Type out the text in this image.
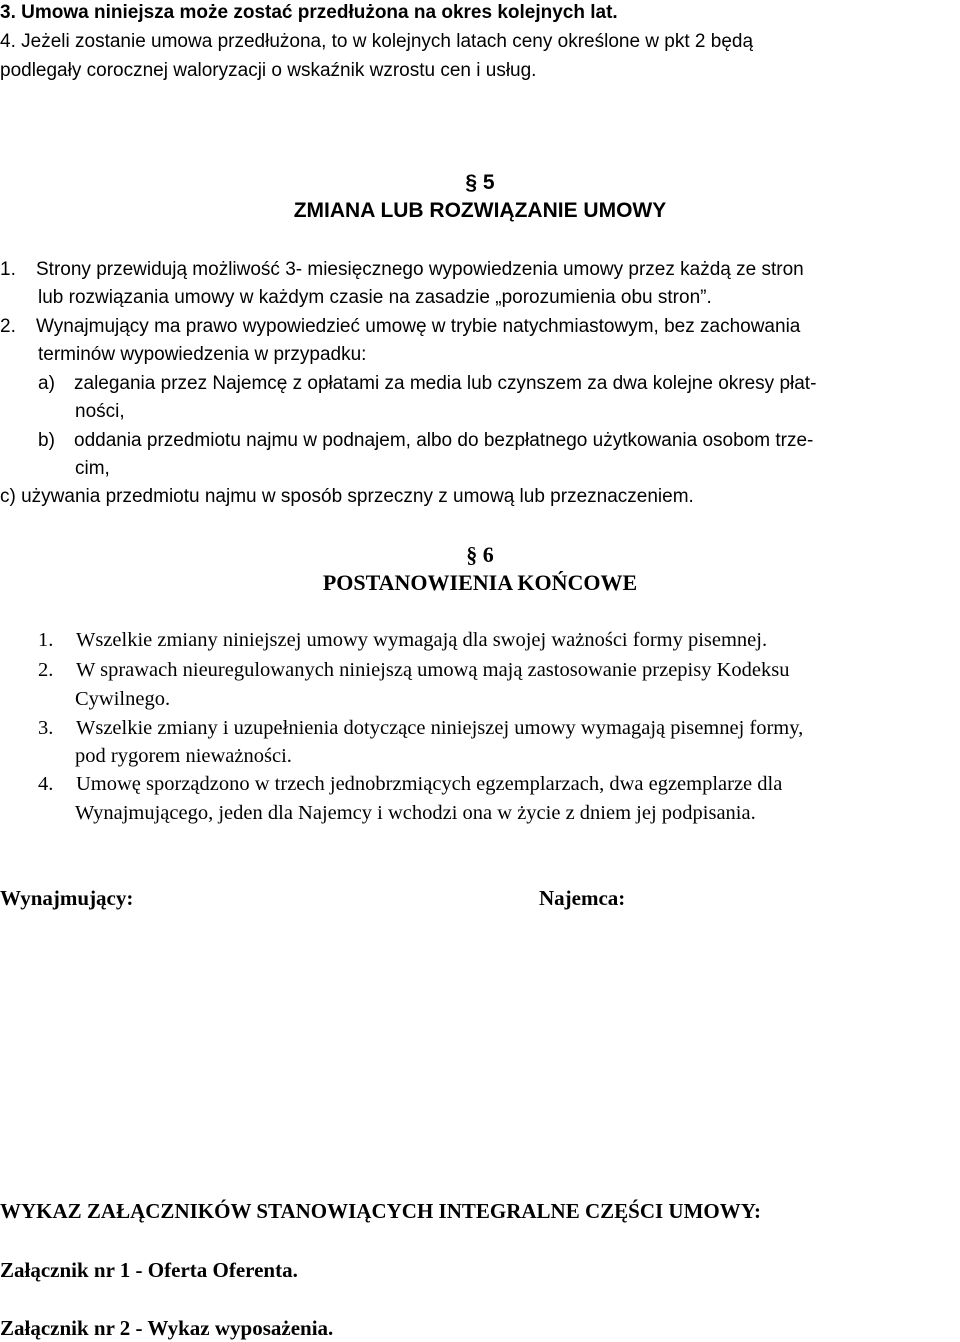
3. Umowa niniejsza może zostać przedłużona na okres kolejnych lat.
4. Jeżeli zostanie umowa przedłużona, to w kolejnych latach ceny określone w pkt 2 będą
podlegały corocznej waloryzacji o wskaźnik wzrostu cen i usług.
§ 5
ZMIANA LUB ROZWIĄZANIE UMOWY
1. Strony przewidują możliwość 3- miesięcznego wypowiedzenia umowy przez każdą ze stron
lub rozwiązania umowy w każdym czasie na zasadzie „porozumienia obu stron”.
2. Wynajmujący ma prawo wypowiedzieć umowę w trybie natychmiastowym, bez zachowania
terminów wypowiedzenia w przypadku:
a) zalegania przez Najemcę z opłatami za media lub czynszem za dwa kolejne okresy płat-
ności,
b) oddania przedmiotu najmu w podnajem, albo do bezpłatnego użytkowania osobom trze-
cim,
c) używania przedmiotu najmu w sposób sprzeczny z umową lub przeznaczeniem.
§ 6
POSTANOWIENIA KOŃCOWE
1. Wszelkie zmiany niniejszej umowy wymagają dla swojej ważności formy pisemnej.
2. W sprawach nieuregulowanych niniejszą umową mają zastosowanie przepisy Kodeksu
Cywilnego.
3. Wszelkie zmiany i uzupełnienia dotyczące niniejszej umowy wymagają pisemnej formy,
pod rygorem nieważności.
4. Umowę sporządzono w trzech jednobrzmiących egzemplarzach, dwa egzemplarze dla
Wynajmującego, jeden dla Najemcy i wchodzi ona w życie z dniem jej podpisania.
Wynajmujący:	Najemca:
WYKAZ ZAŁĄCZNIKÓW STANOWIĄCYCH INTEGRALNE CZĘŚCI UMOWY:
Załącznik nr 1 - Oferta Oferenta.
Załącznik nr 2 - Wykaz wyposażenia.
